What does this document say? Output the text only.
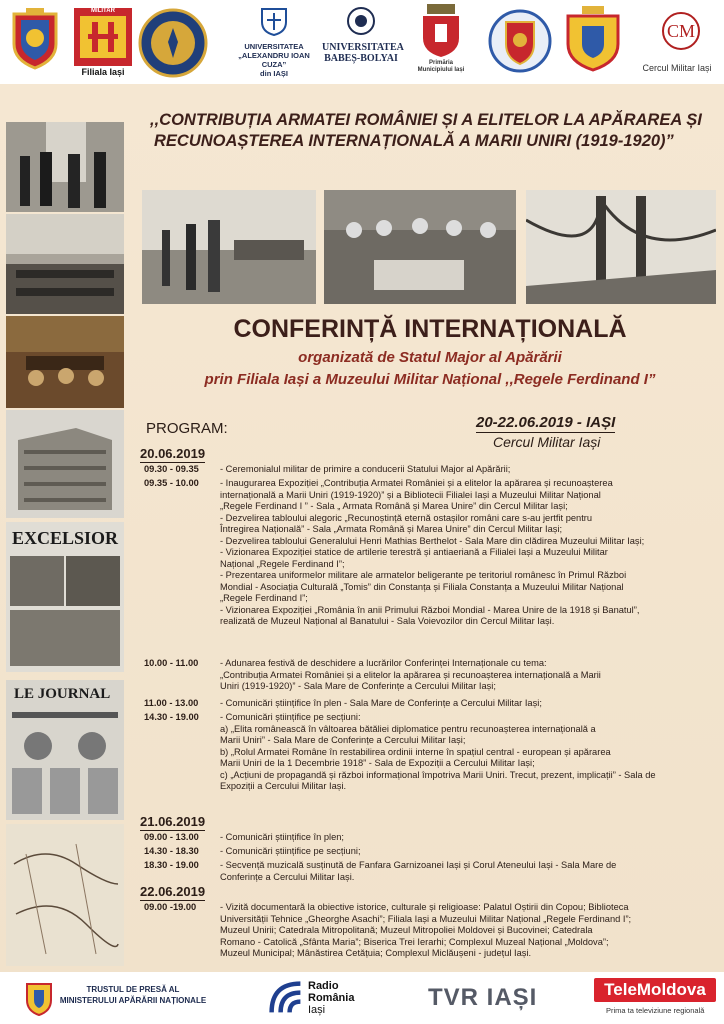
MILITAR
Filiala Iași
UNIVERSITATEA
„ALEXANDRU IOAN CUZA”
din IAȘI
UNIVERSITATEA
BABEȘ-BOLYAI	Primăria
Municipiului Iași
CM
Cercul Militar Iași
EXCELSIOR
LE JOURNAL
,,CONTRIBUȚIA ARMATEI ROMÂNIEI ȘI A ELITELOR LA APĂRAREA ȘI
RECUNOAȘTEREA INTERNAȚIONALĂ A MARII UNIRI (1919-1920)”
CONFERINȚĂ INTERNAȚIONALĂ
organizată de Statul Major al Apărării
prin Filiala Iași a Muzeului Militar Național ,,Regele Ferdinand I”
PROGRAM:	20-22.06.2019 - IAȘI
Cercul Militar Iași
20.06.2019
09.30 - 09.35	- Ceremonialul militar de primire a conducerii Statului Major al Apărării;
09.35 - 10.00	- Inaugurarea Expoziției „Contribuția Armatei României și a elitelor la apărarea și recunoașterea
internațională a Marii Uniri (1919-1920)” și a Bibliotecii Filialei Iași a Muzeului Militar Național
„Regele Ferdinand I ” - Sala „ Armata Română și Marea Unire” din Cercul Militar Iași;
- Dezvelirea tabloului alegoric „Recunoștință eternă ostașilor români care s-au jertfit pentru
Întregirea Națională” - Sala „Armata Română și Marea Unire” din Cercul Militar Iași;
- Dezvelirea tabloului Generalului Henri Mathias Berthelot - Sala Mare din clădirea Muzeului Militar Iași;
- Vizionarea Expoziției statice de artilerie terestră și antiaeriană a Filialei Iași a Muzeului Militar
Național „Regele Ferdinand I”;
- Prezentarea uniformelor militare ale armatelor beligerante pe teritoriul românesc în Primul Război
Mondial - Asociația Culturală „Tomis” din Constanța și Filiala Constanța a Muzeului Militar Național
„Regele Ferdinand I”;
- Vizionarea Expoziției „România în anii Primului Război Mondial - Marea Unire de la 1918 și Banatul”,
realizată de Muzeul Național al Banatului - Sala Voievozilor din Cercul Militar Iași.
10.00 - 11.00	- Adunarea festivă de deschidere a lucrărilor Conferinței Internaționale cu tema:
„Contribuția Armatei României și a elitelor la apărarea și recunoașterea internațională a Marii
Uniri (1919-1920)” - Sala Mare de Conferințe a Cercului Militar Iași;
11.00 - 13.00	- Comunicări științifice în plen - Sala Mare de Conferințe a Cercului Militar Iași;
14.30 - 19.00	- Comunicări științifice pe secțiuni:
a) „Elita românească în vâltoarea bătăliei diplomatice pentru recunoașterea internațională a
Marii Uniri” - Sala Mare de Conferințe a Cercului Militar Iași;
b) „Rolul Armatei Române în restabilirea ordinii interne în spațiul central - european și apărarea
Marii Uniri de la 1 Decembrie 1918” - Sala de Expoziții a Cercului Militar Iași;
c) „Acțiuni de propagandă și război informațional împotriva Marii Uniri. Trecut, prezent, implicații” - Sala de
Expoziții a Cercului Militar Iași.
21.06.2019
09.00 - 13.00	- Comunicări științifice în plen;
14.30 - 18.30	- Comunicări științifice pe secțiuni;
18.30 - 19.00	- Secvență muzicală susținută de Fanfara Garnizoanei Iași și Corul Ateneului Iași - Sala Mare de
Conferințe a Cercului Militar Iași.
22.06.2019
09.00 -19.00	- Vizită documentară la obiective istorice, culturale și religioase: Palatul Oștirii din Copou; Biblioteca
Universității Tehnice „Gheorghe Asachi”; Filiala Iași a Muzeului Militar Național „Regele Ferdinand I”;
Muzeul Unirii; Catedrala Mitropolitană; Muzeul Mitropoliei Moldovei și Bucovinei; Catedrala
Romano - Catolică „Sfânta Maria”; Biserica Trei Ierarhi; Complexul Muzeal Național „Moldova”;
Muzeul Municipal; Mânăstirea Cetățuia; Complexul Miclăușeni - județul Iași.
TRUSTUL DE PRESĂ AL
MINISTERULUI APĂRĂRII NAȚIONALE
Radio
România
Iași	TVR IAȘI	TeleMoldova
Prima ta televiziune regională
